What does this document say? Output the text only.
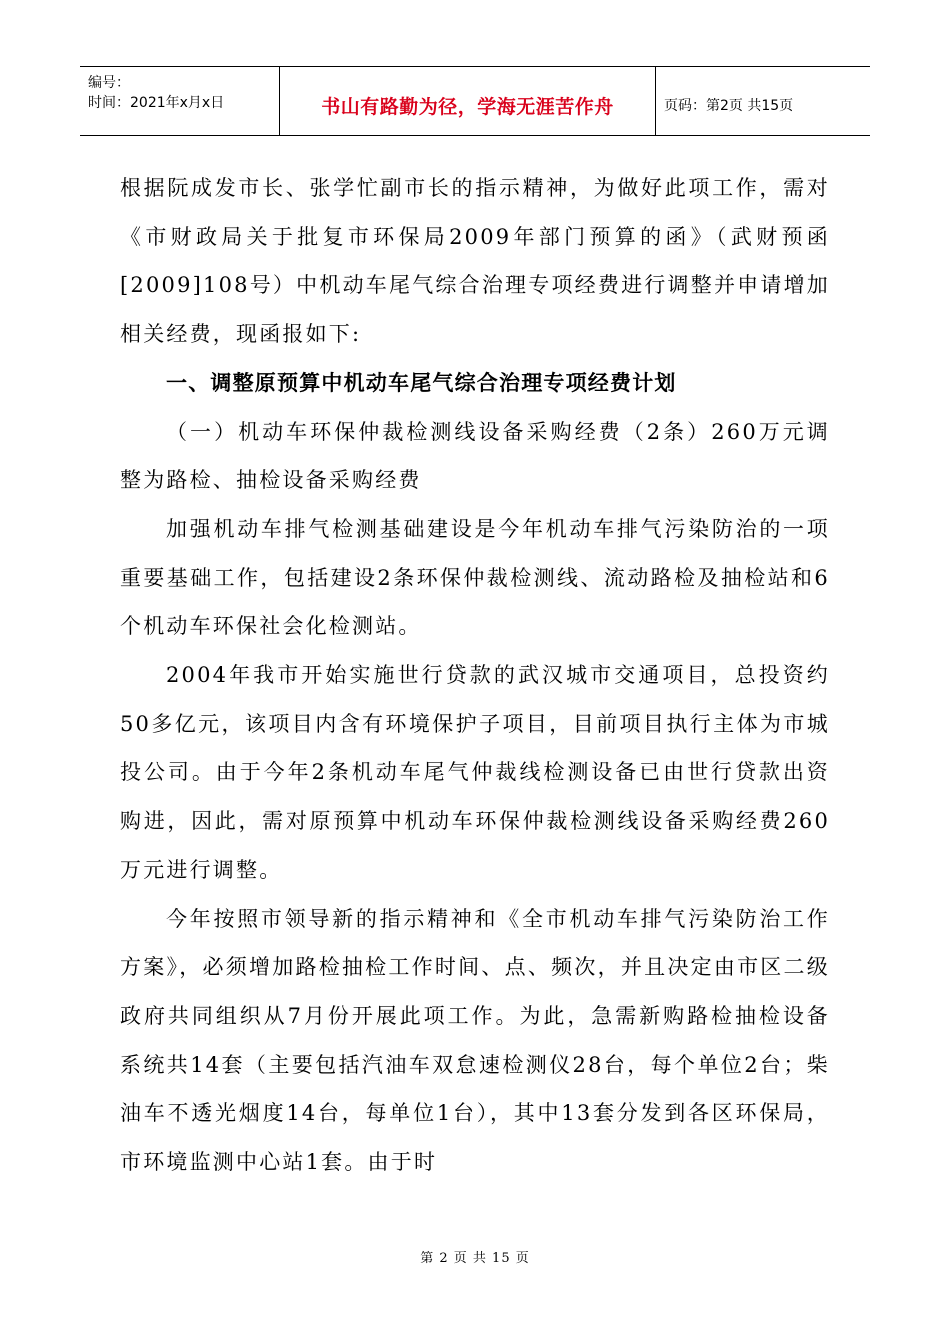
编号：
时间：2021年x月x日	书山有路勤为径，学海无涯苦作舟	页码：第2页 共15页

根据阮成发市长、张学忙副市长的指示精神，为做好此项工作，需对《市财政局关于批复市环保局2009年部门预算的函》（武财预函[2009]108号）中机动车尾气综合治理专项经费进行调整并申请增加相关经费，现函报如下:

一、调整原预算中机动车尾气综合治理专项经费计划

（一）机动车环保仲裁检测线设备采购经费（2条）260万元调整为路检、抽检设备采购经费

加强机动车排气检测基础建设是今年机动车排气污染防治的一项重要基础工作，包括建设2条环保仲裁检测线、流动路检及抽检站和6个机动车环保社会化检测站。

2004年我市开始实施世行贷款的武汉城市交通项目，总投资约50多亿元，该项目内含有环境保护子项目，目前项目执行主体为市城投公司。由于今年2条机动车尾气仲裁线检测设备已由世行贷款出资购进，因此，需对原预算中机动车环保仲裁检测线设备采购经费260万元进行调整。

今年按照市领导新的指示精神和《全市机动车排气污染防治工作方案》，必须增加路检抽检工作时间、点、频次，并且决定由市区二级政府共同组织从7月份开展此项工作。为此，急需新购路检抽检设备系统共14套（主要包括汽油车双怠速检测仪28台，每个单位2台；柴油车不透光烟度14台，每单位1台），其中13套分发到各区环保局，市环境监测中心站1套。由于时

第 2 页 共 15 页
